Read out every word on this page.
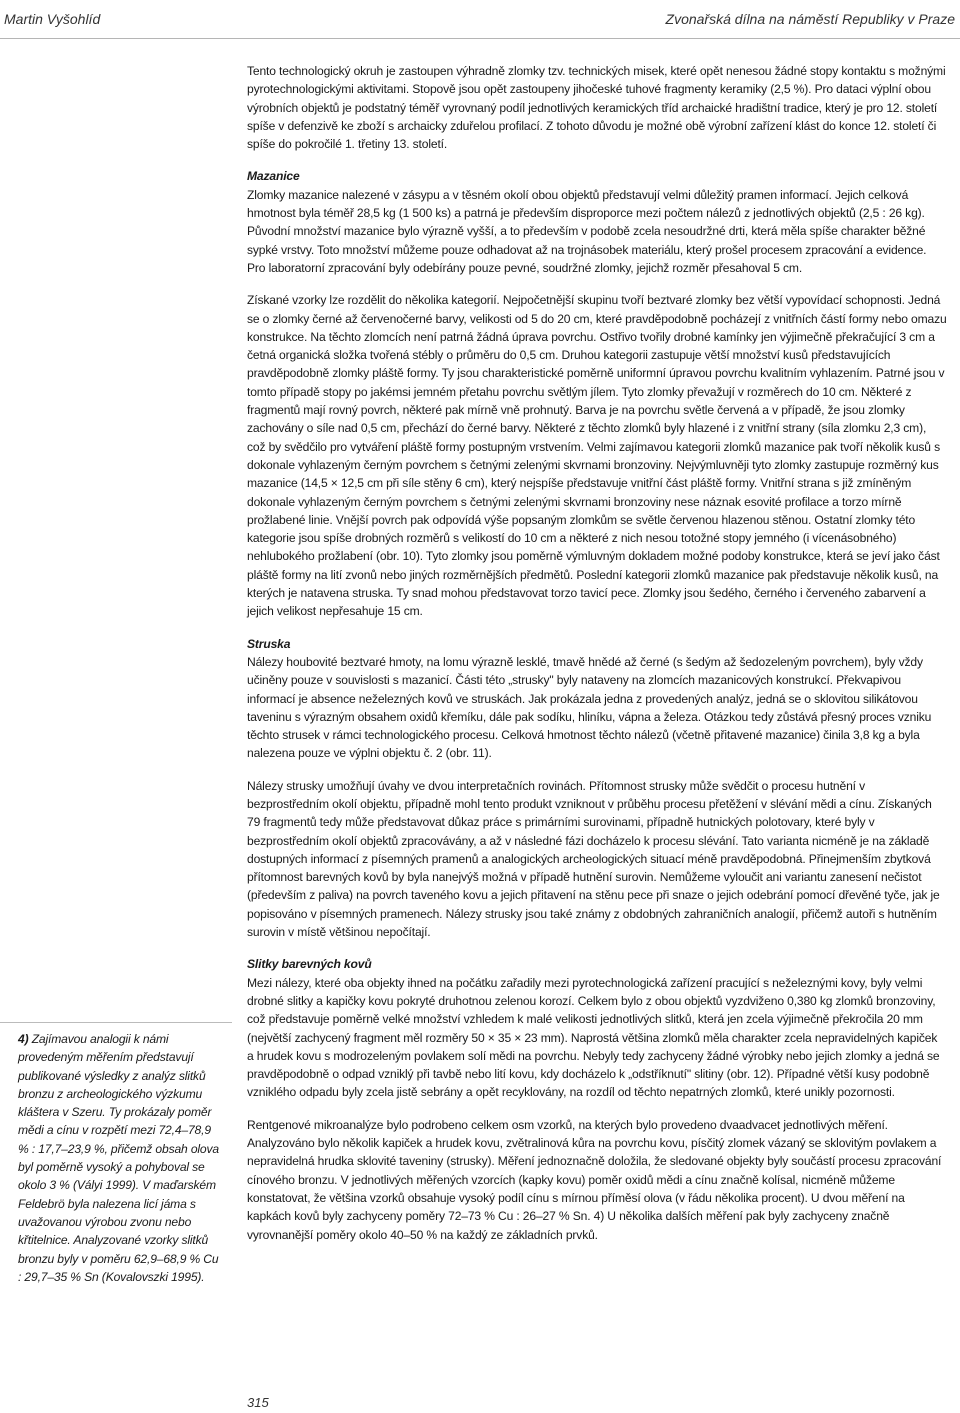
Martin Vyšohlíd	Zvonařská dílna na náměstí Republiky v Praze

Tento technologický okruh je zastoupen výhradně zlomky tzv. technických misek, které opět nenesou žádné stopy kontaktu s možnými pyrotechnologickými aktivitami. Stopově jsou opět zastoupeny jihočeské tuhové fragmenty keramiky (2,5 %). Pro dataci výplní obou výrobních objektů je podstatný téměř vyrovnaný podíl jednotlivých keramických tříd archaické hradištní tradice, který je pro 12. století spíše v defenzivě ke zboží s archaicky zduřelou profilací. Z tohoto důvodu je možné obě výrobní zařízení klást do konce 12. století či spíše do pokročilé 1. třetiny 13. století.

Mazanice

Zlomky mazanice nalezené v zásypu a v těsném okolí obou objektů představují velmi důležitý pramen informací. Jejich celková hmotnost byla téměř 28,5 kg (1 500 ks) a patrná je především disproporce mezi počtem nálezů z jednotlivých objektů (2,5 : 26 kg). Původní množství mazanice bylo výrazně vyšší, a to především v podobě zcela nesoudržné drti, která měla spíše charakter běžné sypké vrstvy. Toto množství můžeme pouze odhadovat až na trojnásobek materiálu, který prošel procesem zpracování a evidence. Pro laboratorní zpracování byly odebírány pouze pevné, soudržné zlomky, jejichž rozměr přesahoval 5 cm.

Získané vzorky lze rozdělit do několika kategorií. Nejpočetnější skupinu tvoří beztvaré zlomky bez větší vypovídací schopnosti. Jedná se o zlomky černé až červenočerné barvy, velikosti od 5 do 20 cm, které pravděpodobně pocházejí z vnitřních částí formy nebo omazu konstrukce. Na těchto zlomcích není patrná žádná úprava povrchu. Ostřivo tvořily drobné kamínky jen výjimečně překračující 3 cm a četná organická složka tvořená stébly o průměru do 0,5 cm. Druhou kategorii zastupuje větší množství kusů představujících pravděpodobně zlomky pláště formy. Ty jsou charakteristické poměrně uniformní úpravou povrchu kvalitním vyhlazením. Patrné jsou v tomto případě stopy po jakémsi jemném přetahu povrchu světlým jílem. Tyto zlomky převažují v rozměrech do 10 cm. Některé z fragmentů mají rovný povrch, některé pak mírně vně prohnutý. Barva je na povrchu světle červená a v případě, že jsou zlomky zachovány o síle nad 0,5 cm, přechází do černé barvy. Některé z těchto zlomků byly hlazené i z vnitřní strany (síla zlomku 2,3 cm), což by svědčilo pro vytváření pláště formy postupným vrstvením. Velmi zajímavou kategorii zlomků mazanice pak tvoří několik kusů s dokonale vyhlazeným černým povrchem s četnými zelenými skvrnami bronzoviny. Nejvýmluvněji tyto zlomky zastupuje rozměrný kus mazanice (14,5 × 12,5 cm při síle stěny 6 cm), který nejspíše představuje vnitřní část pláště formy. Vnitřní strana s již zmíněným dokonale vyhlazeným černým povrchem s četnými zelenými skvrnami bronzoviny nese náznak esovité profilace a torzo mírně prožlabené linie. Vnější povrch pak odpovídá výše popsaným zlomkům se světle červenou hlazenou stěnou. Ostatní zlomky této kategorie jsou spíše drobných rozměrů s velikostí do 10 cm a některé z nich nesou totožné stopy jemného (i vícenásobného) nehlubokého prožlabení (obr. 10). Tyto zlomky jsou poměrně výmluvným dokladem možné podoby konstrukce, která se jeví jako část pláště formy na lití zvonů nebo jiných rozměrnějších předmětů. Poslední kategorii zlomků mazanice pak představuje několik kusů, na kterých je natavena struska. Ty snad mohou představovat torzo tavicí pece. Zlomky jsou šedého, černého i červeného zabarvení a jejich velikost nepřesahuje 15 cm.

Struska

Nálezy houbovité beztvaré hmoty, na lomu výrazně lesklé, tmavě hnědé až černé (s šedým až šedozeleným povrchem), byly vždy učiněny pouze v souvislosti s mazanicí. Části této „strusky" byly nataveny na zlomcích mazanicových konstrukcí. Překvapivou informací je absence neželezných kovů ve struskách. Jak prokázala jedna z provedených analýz, jedná se o sklovitou silikátovou taveninu s výrazným obsahem oxidů křemíku, dále pak sodíku, hliníku, vápna a železa. Otázkou tedy zůstává přesný proces vzniku těchto strusek v rámci technologického procesu. Celková hmotnost těchto nálezů (včetně přitavené mazanice) činila 3,8 kg a byla nalezena pouze ve výplni objektu č. 2 (obr. 11).

Nálezy strusky umožňují úvahy ve dvou interpretačních rovinách. Přítomnost strusky může svědčit o procesu hutnění v bezprostředním okolí objektu, případně mohl tento produkt vzniknout v průběhu procesu přetěžení v slévání mědi a cínu. Získaných 79 fragmentů tedy může představovat důkaz práce s primárními surovinami, případně hutnických polotovary, které byly v bezprostředním okolí objektů zpracovávány, a až v následné fázi docházelo k procesu slévání. Tato varianta nicméně je na základě dostupných informací z písemných pramenů a analogických archeologických situací méně pravděpodobná. Přinejmenším zbytková přítomnost barevných kovů by byla nanejvýš možná v případě hutnění surovin. Nemůžeme vyloučit ani variantu zanesení nečistot (především z paliva) na povrch taveného kovu a jejich přitavení na stěnu pece při snaze o jejich odebrání pomocí dřevěné tyče, jak je popisováno v písemných pramenech. Nálezy strusky jsou také známy z obdobných zahraničních analogií, přičemž autoři s hutněním surovin v místě většinou nepočítají.

Slitky barevných kovů

Mezi nálezy, které oba objekty ihned na počátku zařadily mezi pyrotechnologická zařízení pracující s neželeznými kovy, byly velmi drobné slitky a kapičky kovu pokryté druhotnou zelenou korozí. Celkem bylo z obou objektů vyzdviženo 0,380 kg zlomků bronzoviny, což představuje poměrně velké množství vzhledem k malé velikosti jednotlivých slitků, která jen zcela výjimečně překročila 20 mm (největší zachycený fragment měl rozměry 50 × 35 × 23 mm). Naprostá většina zlomků měla charakter zcela nepravidelných kapiček a hrudek kovu s modrozeleným povlakem solí mědi na povrchu. Nebyly tedy zachyceny žádné výrobky nebo jejich zlomky a jedná se pravděpodobně o odpad vzniklý při tavbě nebo lití kovu, kdy docházelo k „odstříknutí" slitiny (obr. 12). Případné větší kusy podobně vzniklého odpadu byly zcela jistě sebrány a opět recyklovány, na rozdíl od těchto nepatrných zlomků, které unikly pozornosti.

Rentgenové mikroanalýze bylo podrobeno celkem osm vzorků, na kterých bylo provedeno dvaadvacet jednotlivých měření. Analyzováno bylo několik kapiček a hrudek kovu, zvětralinová kůra na povrchu kovu, písčitý zlomek vázaný se sklovitým povlakem a nepravidelná hrudka sklovité taveniny (strusky). Měření jednoznačně doložila, že sledované objekty byly součástí procesu zpracování cínového bronzu. V jednotlivých měřených vzorcích (kapky kovu) poměr oxidů mědi a cínu značně kolísal, nicméně můžeme konstatovat, že většina vzorků obsahuje vysoký podíl cínu s mírnou příměsí olova (v řádu několika procent). U dvou měření na kapkách kovů byly zachyceny poměry 72–73 % Cu : 26–27 % Sn. 4) U několika dalších měření pak byly zachyceny značně vyrovnanější poměry okolo 40–50 % na každý ze základních prvků.

4) Zajímavou analogii k námi provedeným měřením představují publikované výsledky z analýz slitků bronzu z archeologického výzkumu kláštera v Szeru. Ty prokázaly poměr mědi a cínu v rozpětí mezi 72,4–78,9 % : 17,7–23,9 %, přičemž obsah olova byl poměrně vysoký a pohyboval se okolo 3 % (Vályi 1999). V maďarském Feldebrö byla nalezena licí jáma s uvažovanou výrobou zvonu nebo křtitelnice. Analyzované vzorky slitků bronzu byly v poměru 62,9–68,9 % Cu : 29,7–35 % Sn (Kovalovszki 1995).
315
